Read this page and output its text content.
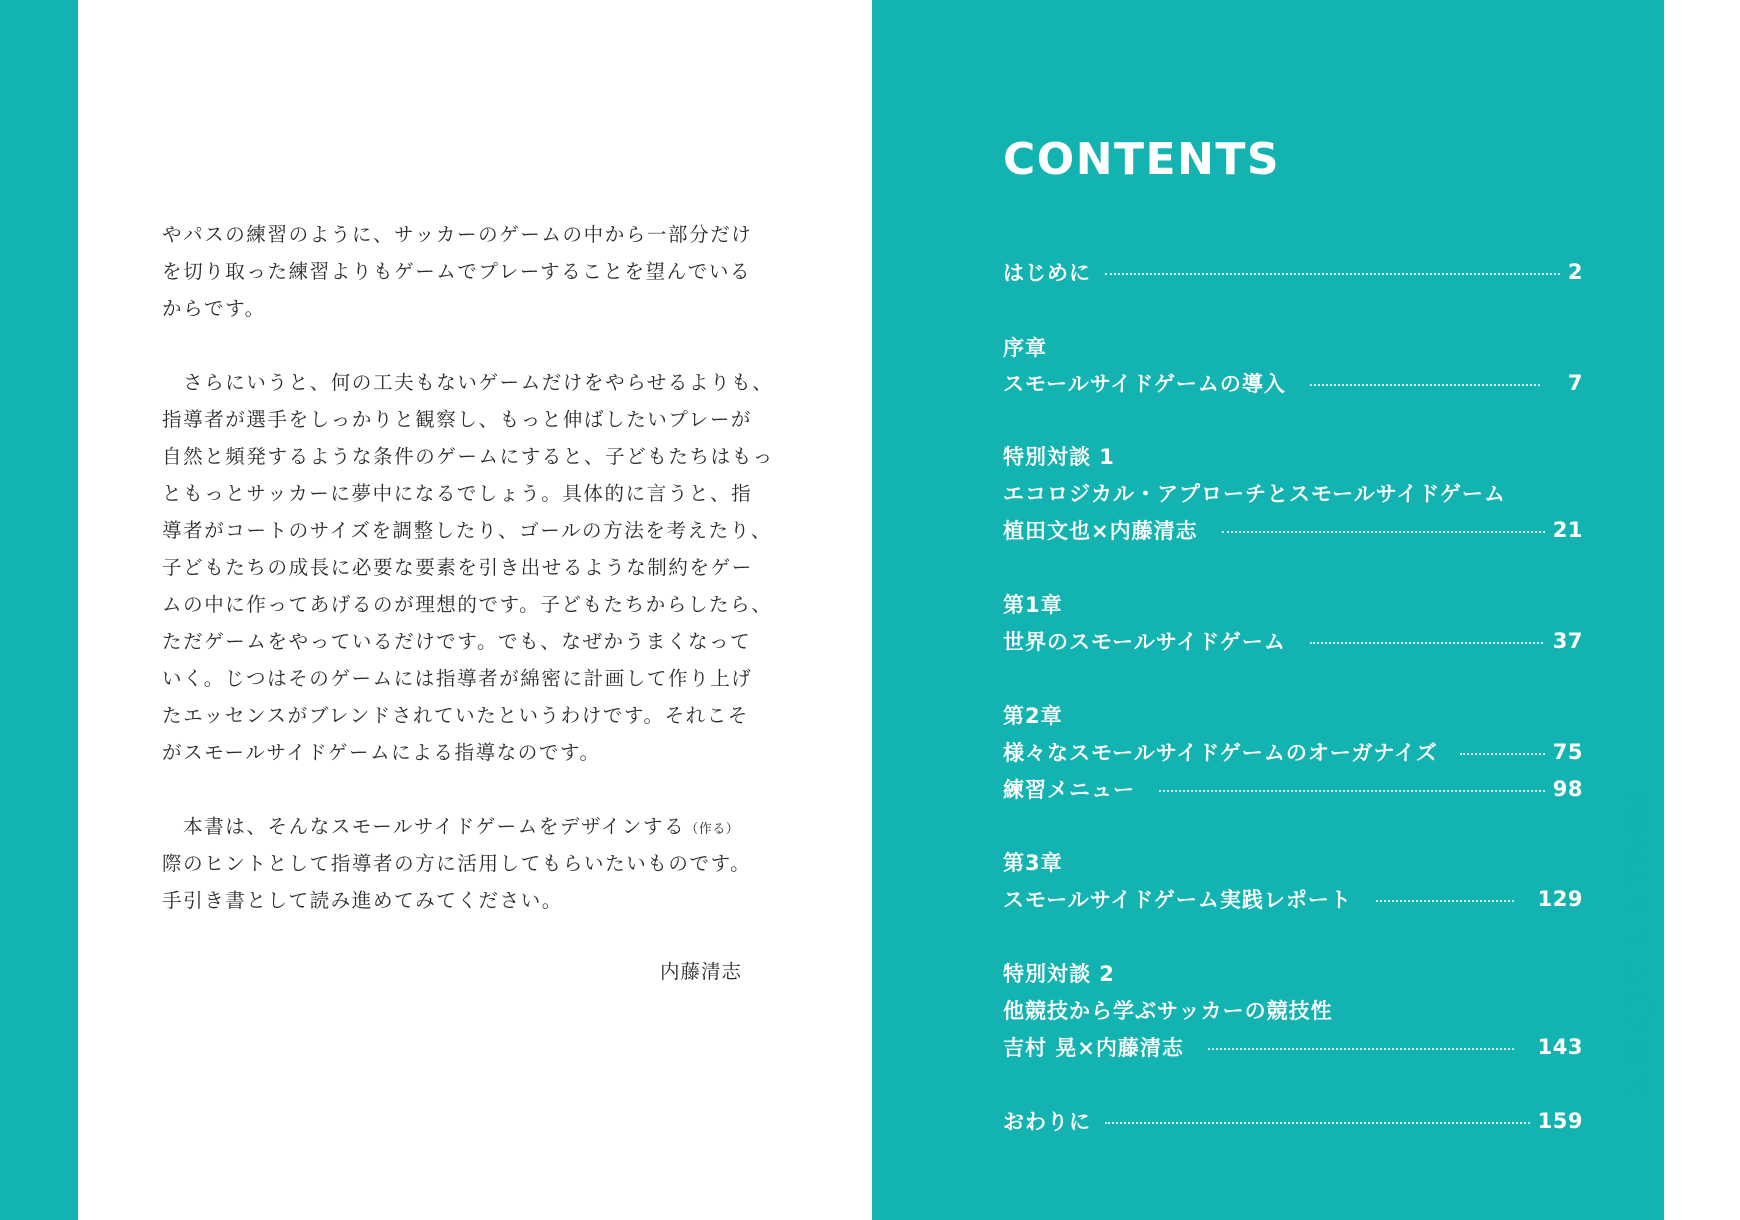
やパスの練習のように、サッカーのゲームの中から一部分だけ
を切り取った練習よりもゲームでプレーすることを望んでいる
からです。
　さらにいうと、何の工夫もないゲームだけをやらせるよりも、
指導者が選手をしっかりと観察し、もっと伸ばしたいプレーが
自然と頻発するような条件のゲームにすると、子どもたちはもっ
ともっとサッカーに夢中になるでしょう。具体的に言うと、指
導者がコートのサイズを調整したり、ゴールの方法を考えたり、
子どもたちの成長に必要な要素を引き出せるような制約をゲー
ムの中に作ってあげるのが理想的です。子どもたちからしたら、
ただゲームをやっているだけです。でも、なぜかうまくなって
いく。じつはそのゲームには指導者が綿密に計画して作り上げ
たエッセンスがブレンドされていたというわけです。それこそ
がスモールサイドゲームによる指導なのです。
　本書は、そんなスモールサイドゲームをデザインする（作る）
際のヒントとして指導者の方に活用してもらいたいものです。
手引き書として読み進めてみてください。
内藤清志
CONTENTS
はじめに	2
序章
スモールサイドゲームの導入	7
特別対談 1
エコロジカル・アプローチとスモールサイドゲーム
植田文也×内藤清志	21
第1章
世界のスモールサイドゲーム	37
第2章
様々なスモールサイドゲームのオーガナイズ	75
練習メニュー	98
第3章
スモールサイドゲーム実践レポート	129
特別対談 2
他競技から学ぶサッカーの競技性
吉村 晃×内藤清志	143
おわりに	159
SMALL SIDED GAMES
